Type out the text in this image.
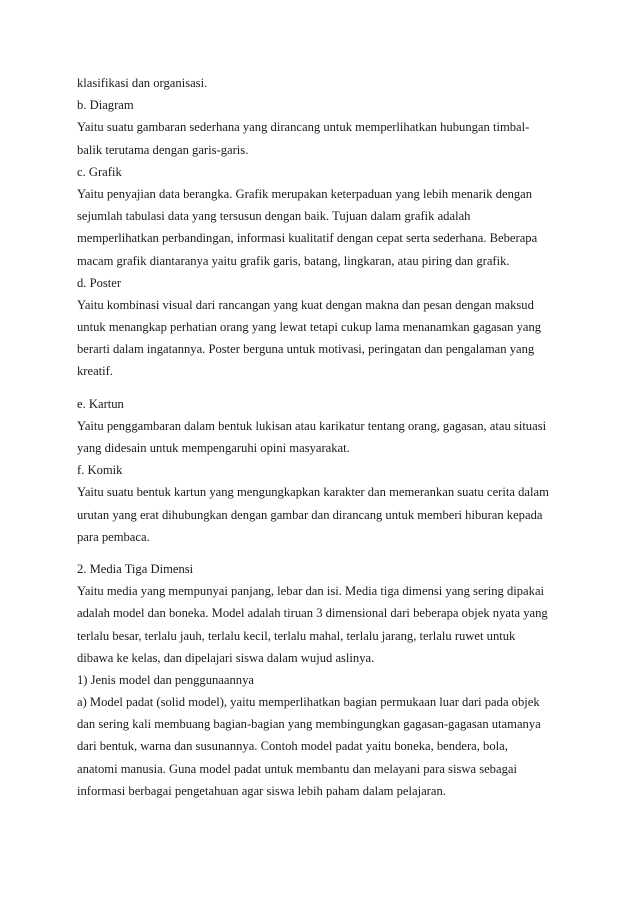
klasifikasi dan organisasi.

b. Diagram

Yaitu suatu gambaran sederhana yang dirancang untuk memperlihatkan hubungan timbal-

balik terutama dengan garis-garis.

c. Grafik

Yaitu penyajian data berangka. Grafik merupakan keterpaduan yang lebih menarik dengan

sejumlah tabulasi data yang tersusun dengan baik. Tujuan dalam grafik adalah

memperlihatkan perbandingan, informasi kualitatif dengan cepat serta sederhana. Beberapa

macam grafik diantaranya yaitu grafik garis, batang, lingkaran, atau piring dan grafik.

d. Poster

Yaitu kombinasi visual dari rancangan yang kuat dengan makna dan pesan dengan maksud

untuk menangkap perhatian orang yang lewat tetapi cukup lama menanamkan gagasan yang

berarti dalam ingatannya. Poster berguna untuk motivasi, peringatan dan pengalaman yang

kreatif.

e. Kartun

Yaitu penggambaran dalam bentuk lukisan atau karikatur tentang orang, gagasan, atau situasi

yang didesain untuk mempengaruhi opini masyarakat.

f. Komik

Yaitu suatu bentuk kartun yang mengungkapkan karakter dan memerankan suatu cerita dalam

urutan yang erat dihubungkan dengan gambar dan dirancang untuk memberi hiburan kepada

para pembaca.

2. Media Tiga Dimensi

Yaitu media yang mempunyai panjang, lebar dan isi. Media tiga dimensi yang sering dipakai

adalah model dan boneka. Model adalah tiruan 3 dimensional dari beberapa objek nyata yang

terlalu besar, terlalu jauh, terlalu kecil, terlalu mahal, terlalu jarang, terlalu ruwet untuk

dibawa ke kelas, dan dipelajari siswa dalam wujud aslinya.

1) Jenis model dan penggunaannya

a) Model padat (solid model), yaitu memperlihatkan bagian permukaan luar dari pada objek

dan sering kali membuang bagian-bagian yang membingungkan gagasan-gagasan utamanya

dari bentuk, warna dan susunannya. Contoh model padat yaitu boneka, bendera, bola,

anatomi manusia. Guna model padat untuk membantu dan melayani para siswa sebagai

informasi berbagai pengetahuan agar siswa lebih paham dalam pelajaran.
